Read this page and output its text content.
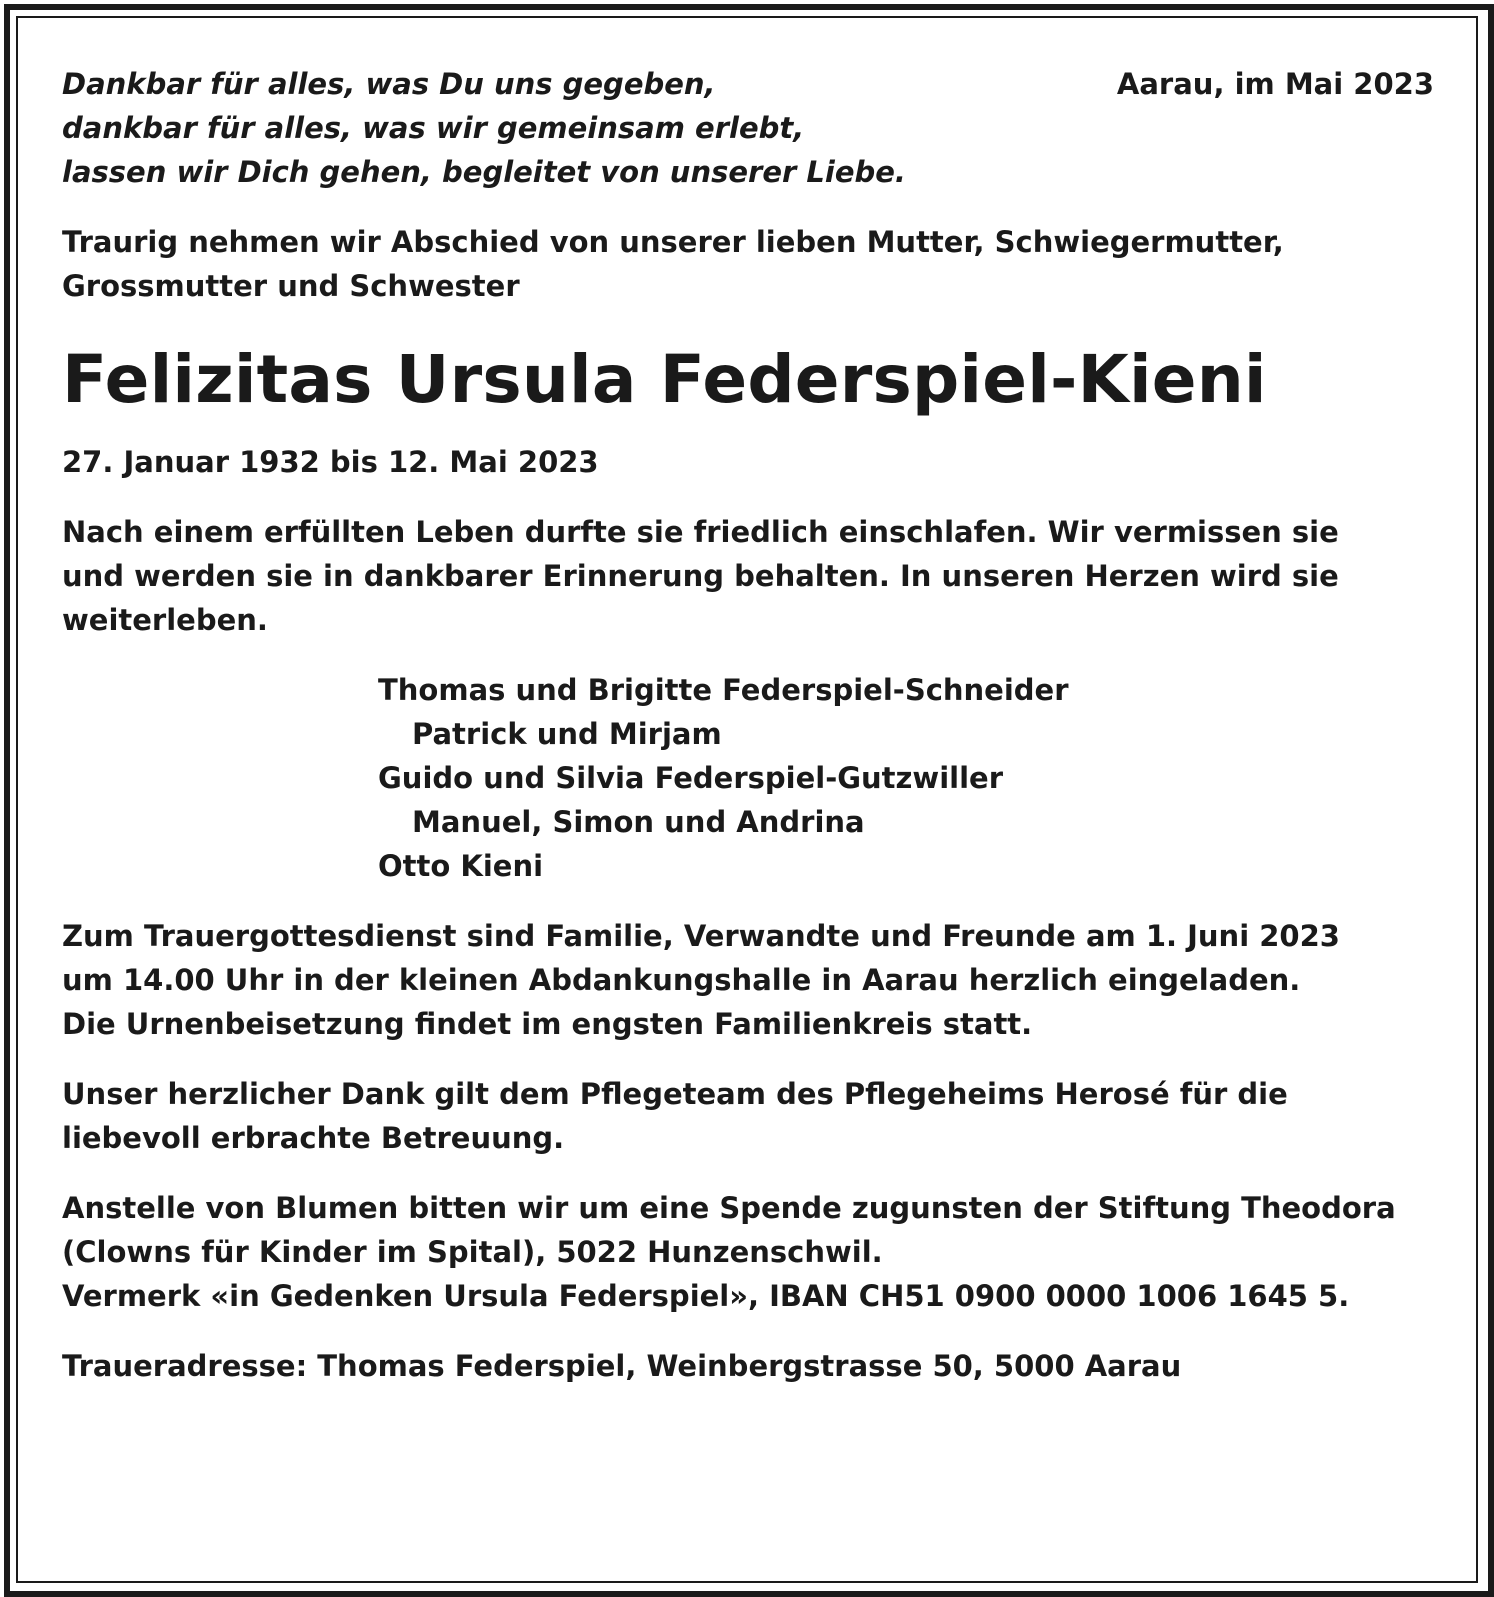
Dankbar für alles, was Du uns gegeben,
dankbar für alles, was wir gemeinsam erlebt,
lassen wir Dich gehen, begleitet von unserer Liebe.
Aarau, im Mai 2023
Traurig nehmen wir Abschied von unserer lieben Mutter, Schwiegermutter,
Grossmutter und Schwester
Felizitas Ursula Federspiel-Kieni
27. Januar 1932 bis 12. Mai 2023
Nach einem erfüllten Leben durfte sie friedlich einschlafen. Wir vermissen sie
und werden sie in dankbarer Erinnerung behalten. In unseren Herzen wird sie
weiterleben.
Thomas und Brigitte Federspiel-Schneider
Patrick und Mirjam
Guido und Silvia Federspiel-Gutzwiller
Manuel, Simon und Andrina
Otto Kieni
Zum Trauergottesdienst sind Familie, Verwandte und Freunde am 1. Juni 2023
um 14.00 Uhr in der kleinen Abdankungshalle in Aarau herzlich eingeladen.
Die Urnenbeisetzung findet im engsten Familienkreis statt.
Unser herzlicher Dank gilt dem Pflegeteam des Pflegeheims Herosé für die
liebevoll erbrachte Betreuung.
Anstelle von Blumen bitten wir um eine Spende zugunsten der Stiftung Theodora
(Clowns für Kinder im Spital), 5022 Hunzenschwil.
Vermerk «in Gedenken Ursula Federspiel», IBAN CH51 0900 0000 1006 1645 5.
Traueradresse: Thomas Federspiel, Weinbergstrasse 50, 5000 Aarau
